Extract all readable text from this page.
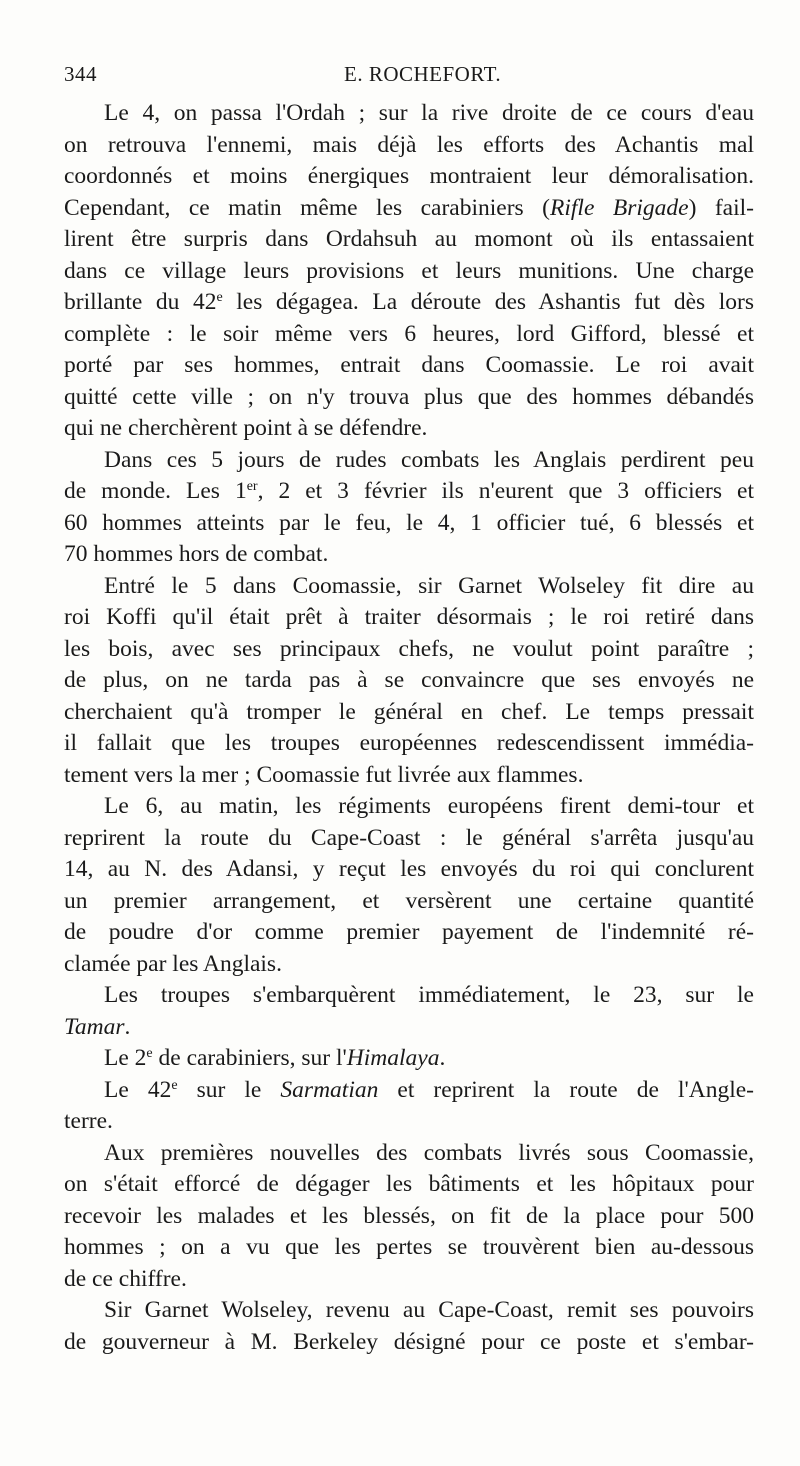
344	E. ROCHEFORT.
Le 4, on passa l'Ordah ; sur la rive droite de ce cours d'eau
on retrouva l'ennemi, mais déjà les efforts des Achantis mal
coordonnés et moins énergiques montraient leur démoralisation.
Cependant, ce matin même les carabiniers (Rifle Brigade) fail-
lirent être surpris dans Ordahsuh au momont où ils entassaient
dans ce village leurs provisions et leurs munitions. Une charge
brillante du 42e les dégagea. La déroute des Ashantis fut dès lors
complète : le soir même vers 6 heures, lord Gifford, blessé et
porté par ses hommes, entrait dans Coomassie. Le roi avait
quitté cette ville ; on n'y trouva plus que des hommes débandés
qui ne cherchèrent point à se défendre.
Dans ces 5 jours de rudes combats les Anglais perdirent peu
de monde. Les 1er, 2 et 3 février ils n'eurent que 3 officiers et
60 hommes atteints par le feu, le 4, 1 officier tué, 6 blessés et
70 hommes hors de combat.
Entré le 5 dans Coomassie, sir Garnet Wolseley fit dire au
roi Koffi qu'il était prêt à traiter désormais ; le roi retiré dans
les bois, avec ses principaux chefs, ne voulut point paraître ;
de plus, on ne tarda pas à se convaincre que ses envoyés ne
cherchaient qu'à tromper le général en chef. Le temps pressait
il fallait que les troupes européennes redescendissent immédia-
tement vers la mer ; Coomassie fut livrée aux flammes.
Le 6, au matin, les régiments européens firent demi-tour et
reprirent la route du Cape-Coast : le général s'arrêta jusqu'au
14, au N. des Adansi, y reçut les envoyés du roi qui conclurent
un premier arrangement, et versèrent une certaine quantité
de poudre d'or comme premier payement de l'indemnité ré-
clamée par les Anglais.
Les troupes s'embarquèrent immédiatement, le 23, sur le
Tamar.
Le 2e de carabiniers, sur l'Himalaya.
Le 42e sur le Sarmatian et reprirent la route de l'Angle-
terre.
Aux premières nouvelles des combats livrés sous Coomassie,
on s'était efforcé de dégager les bâtiments et les hôpitaux pour
recevoir les malades et les blessés, on fit de la place pour 500
hommes ; on a vu que les pertes se trouvèrent bien au-dessous
de ce chiffre.
Sir Garnet Wolseley, revenu au Cape-Coast, remit ses pouvoirs
de gouverneur à M. Berkeley désigné pour ce poste et s'embar-
